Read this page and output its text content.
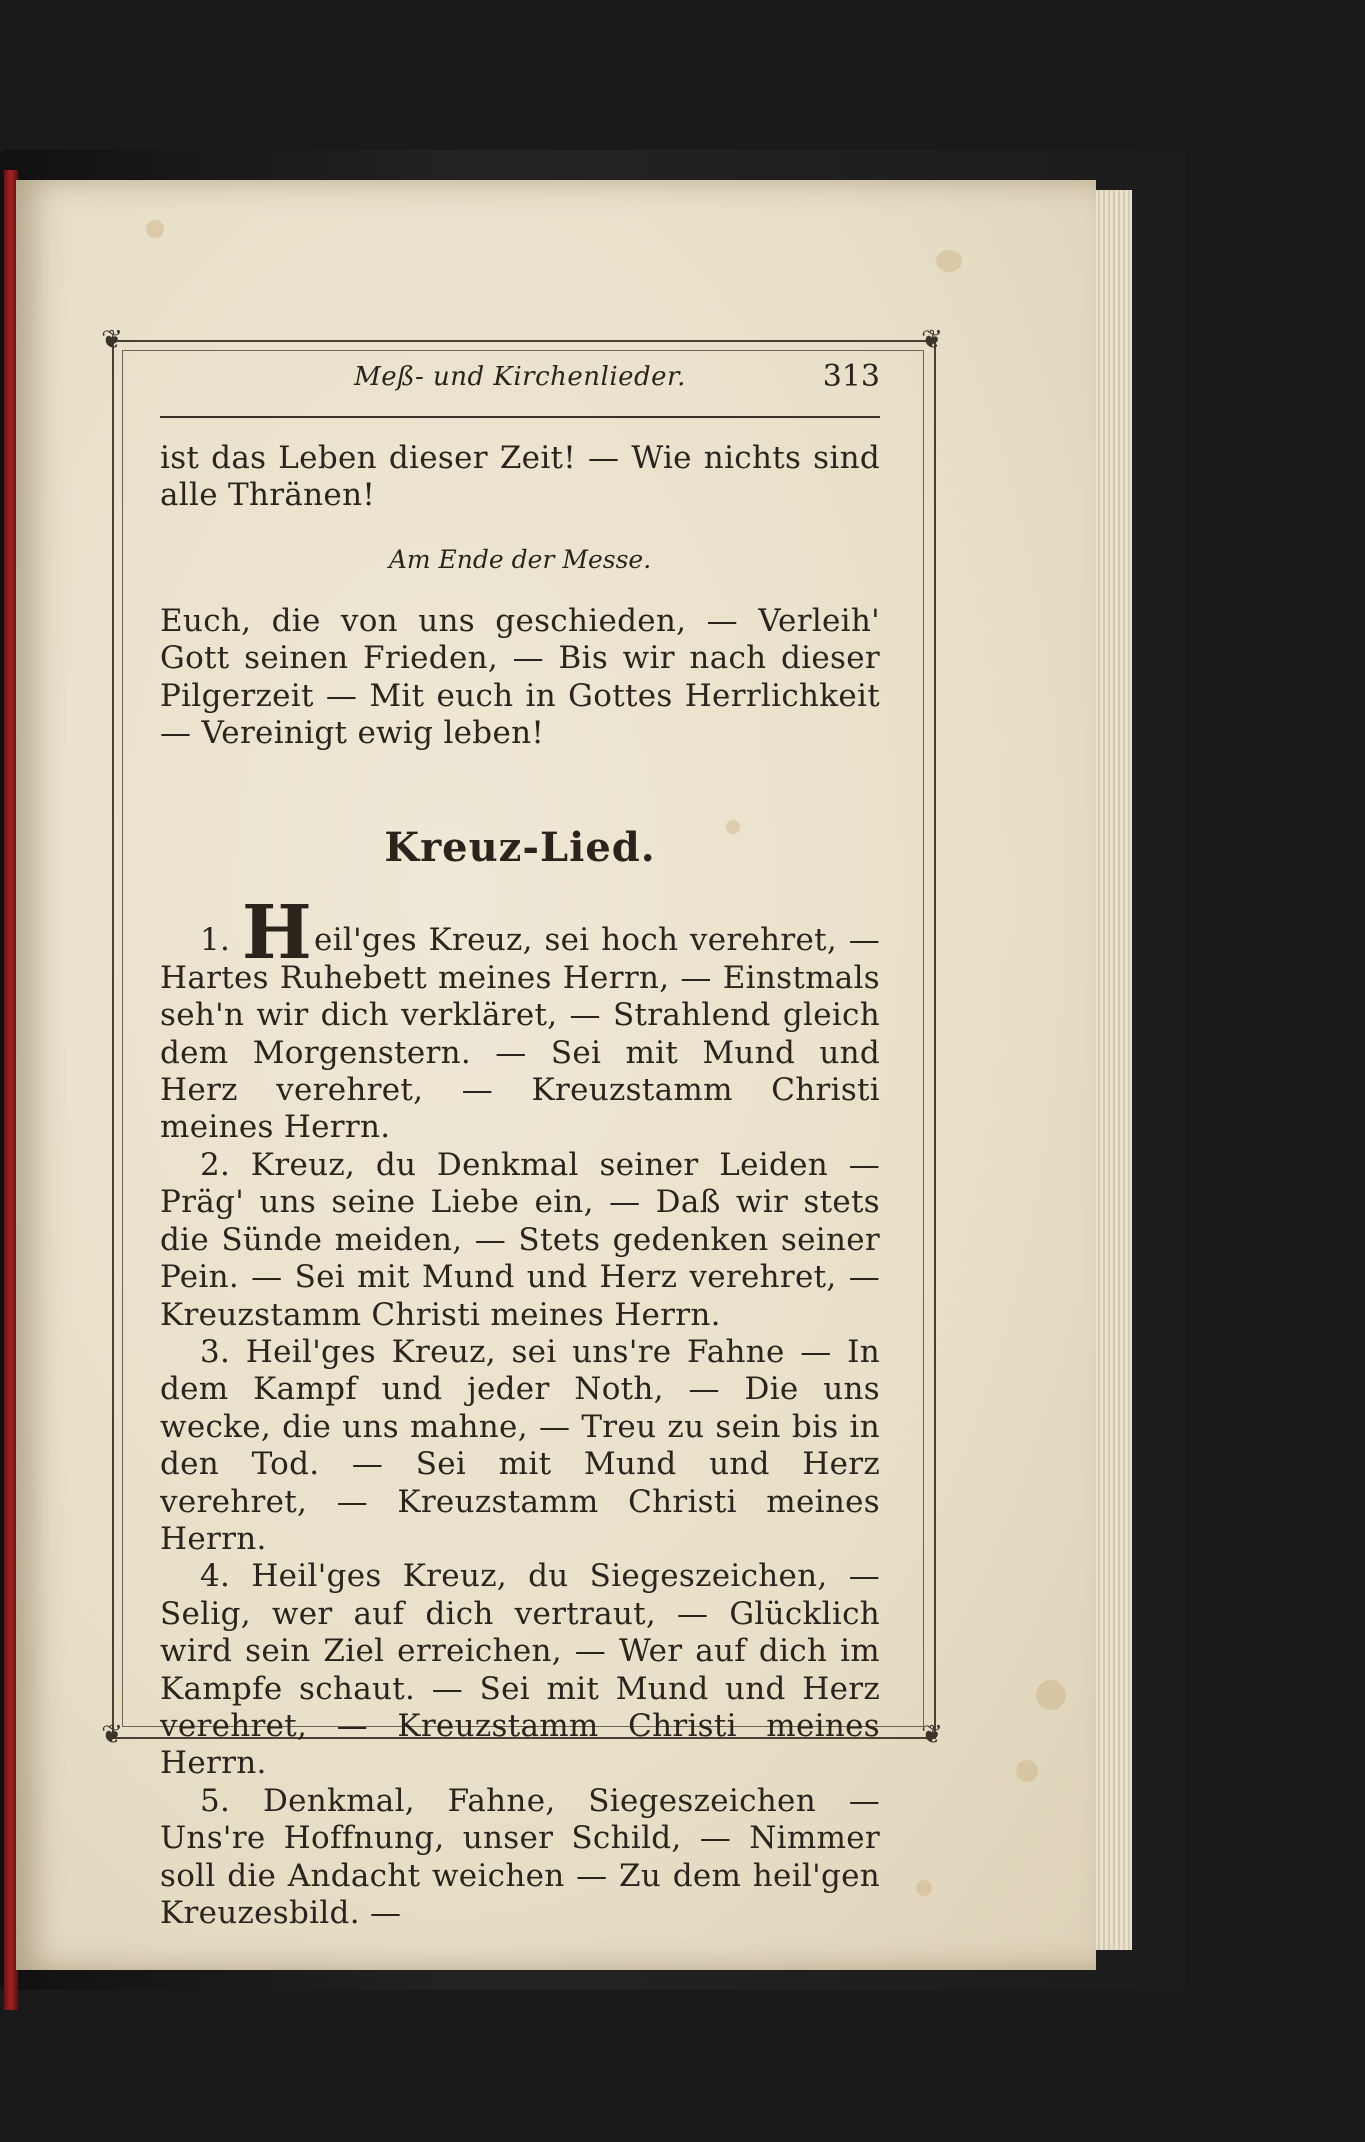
❦	❦
❦	❦
Meß- und Kirchenlieder.	313

ist das Leben dieser Zeit! — Wie nichts sind alle Thränen!

Am Ende der Messe.

Euch, die von uns geschieden, — Verleih' Gott seinen Frieden, — Bis wir nach dieser Pilgerzeit — Mit euch in Gottes Herrlichkeit — Vereinigt ewig leben!

Kreuz-Lied.

1. Heil'ges Kreuz, sei hoch verehret, — Hartes Ruhebett meines Herrn, — Einstmals seh'n wir dich verkläret, — Strahlend gleich dem Morgenstern. — Sei mit Mund und Herz verehret, — Kreuzstamm Christi meines Herrn.

2. Kreuz, du Denkmal seiner Leiden — Präg' uns seine Liebe ein, — Daß wir stets die Sünde meiden, — Stets gedenken seiner Pein. — Sei mit Mund und Herz verehret, — Kreuzstamm Christi meines Herrn.

3. Heil'ges Kreuz, sei uns're Fahne — In dem Kampf und jeder Noth, — Die uns wecke, die uns mahne, — Treu zu sein bis in den Tod. — Sei mit Mund und Herz verehret, — Kreuzstamm Christi meines Herrn.

4. Heil'ges Kreuz, du Siegeszeichen, — Selig, wer auf dich vertraut, — Glücklich wird sein Ziel erreichen, — Wer auf dich im Kampfe schaut. — Sei mit Mund und Herz verehret, — Kreuzstamm Christi meines Herrn.

5. Denkmal, Fahne, Siegeszeichen — Uns're Hoffnung, unser Schild, — Nimmer soll die Andacht weichen — Zu dem heil'gen Kreuzesbild. —
